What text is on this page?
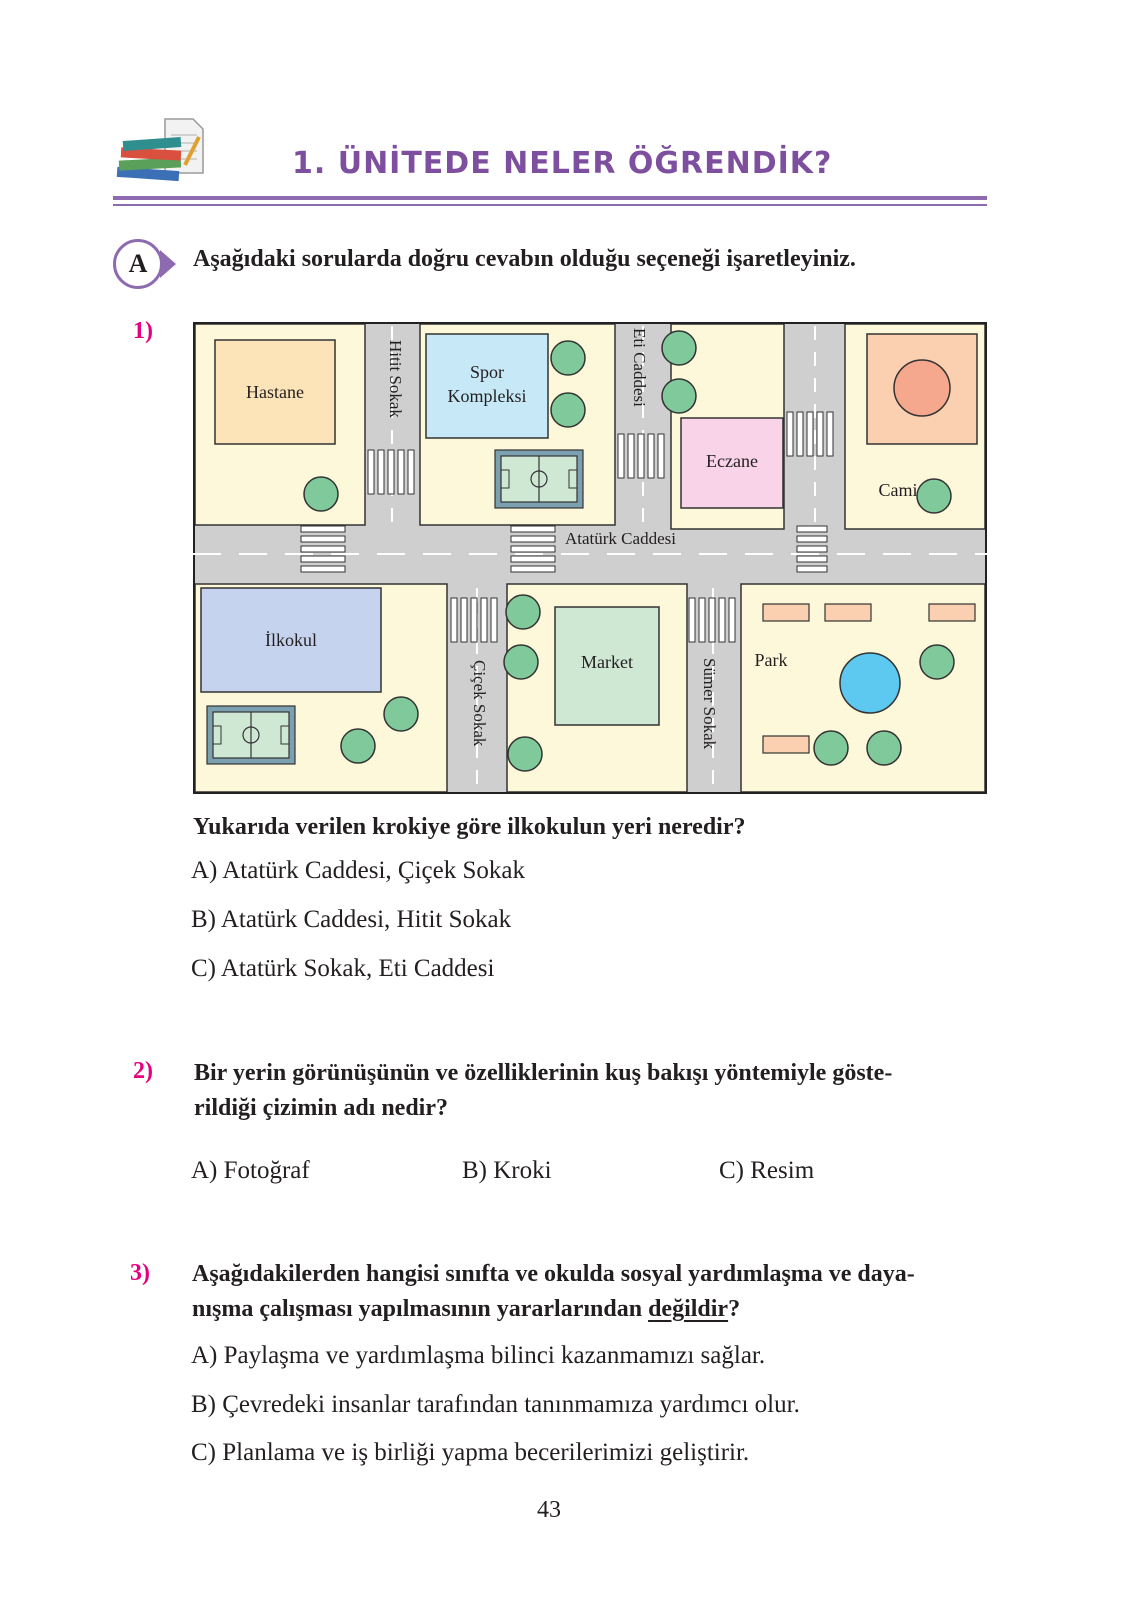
1. ÜNİTEDE NELER ÖĞRENDİK?
A	Aşağıdaki sorularda doğru cevabın olduğu seçeneği işaretleyiniz.
1)
Hastane
Spor
Kompleksi
Eczane
Cami
İlkokul
Market	Park
Hitit Sokak	Eti Caddesi
Atatürk Caddesi
Çiçek Sokak	Sümer Sokak
Yukarıda verilen krokiye göre ilkokulun yeri neredir?
A) Atatürk Caddesi, Çiçek Sokak
B) Atatürk Caddesi, Hitit Sokak
C) Atatürk Sokak, Eti Caddesi
2) Bir yerin görünüşünün ve özelliklerinin kuş bakışı yöntemiyle göste-
rildiği çizimin adı nedir?
A) Fotoğraf	B) Kroki	C) Resim
3) Aşağıdakilerden hangisi sınıfta ve okulda sosyal yardımlaşma ve daya-
nışma çalışması yapılmasının yararlarından değildir?
A) Paylaşma ve yardımlaşma bilinci kazanmamızı sağlar.
B) Çevredeki insanlar tarafından tanınmamıza yardımcı olur.
C) Planlama ve iş birliği yapma becerilerimizi geliştirir.
43
